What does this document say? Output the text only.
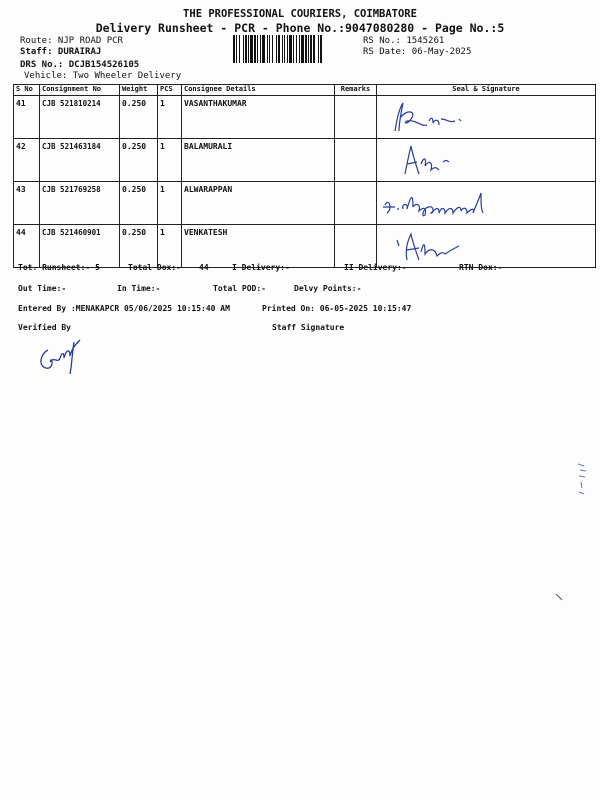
THE PROFESSIONAL COURIERS, COIMBATORE
Delivery Runsheet - PCR - Phone No.:9047080280 - Page No.:5
Route: NJP ROAD PCR
Staff: DURAIRAJ
DRS No.: DCJB154526105
Vehicle: Two Wheeler Delivery
RS No.: 1545261
RS Date: 06-May-2025
S No	Consignment No	Weight	PCS	Consignee Details	Remarks	Seal & Signature
41	CJB 521810214	0.250	1	VASANTHAKUMAR		

42	CJB 521463184	0.250	1	BALAMURALI		

43	CJB 521769258	0.250	1	ALWARAPPAN		

44	CJB 521460901	0.250	1	VENKATESH		
Tot. Runsheet:- 5	Total Dox:- 44	I Delivery:-	II Delivery:-	RTN Dox:-
Out Time:-	In Time:-	Total POD:-	Delvy Points:-
Entered By :MENAKAPCR 05/06/2025 10:15:40 AM	Printed On: 06-05-2025 10:15:47
Verified By	Staff Signature
